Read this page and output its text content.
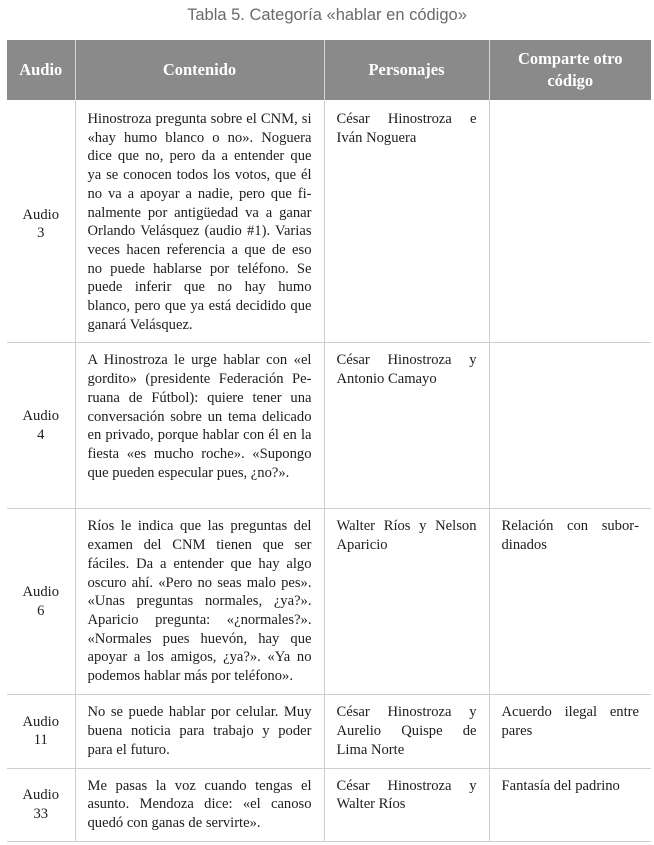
Tabla 5. Categoría «hablar en código»
Audio	Contenido	Personajes	Comparte otro
código

Audio
3	Hinostroza pregunta sobre el CNM, si «hay humo blanco o no». Noguera dice que no, pero da a entender que ya se conocen todos los votos, que él no va a apoyar a nadie, pero que finalmente por antigüedad va a ganar Orlando Velásquez (audio #1). Varias veces hacen referencia a que de eso no puede hablarse por teléfono. Se puede inferir que no hay humo blanco, pero que ya está decidido que ganará Velásquez.	César Hinostroza e Iván Noguera	

Audio
4	A Hinostroza le urge hablar con «el gordito» (presidente Federación Peruana de Fútbol): quiere tener una conversación sobre un tema delicado en privado, porque hablar con él en la fiesta «es mucho roche». «Supongo que pueden especular pues, ¿no?».	César Hinostroza y Antonio Camayo	

Audio
6	Ríos le indica que las preguntas del examen del CNM tienen que ser fáciles. Da a entender que hay algo oscuro ahí. «Pero no seas malo pes». «Unas preguntas normales, ¿ya?». Aparicio pregunta: «¿normales?». «Normales pues huevón, hay que apoyar a los amigos, ¿ya?». «Ya no podemos hablar más por teléfono».	Walter Ríos y Nelson Aparicio	Relación con subordinados

Audio
11	No se puede hablar por celular. Muy buena noticia para trabajo y poder para el futuro.	César Hinostroza y Aurelio Quispe de Lima Norte	Acuerdo ilegal entre pares

Audio
33	Me pasas la voz cuando tengas el asunto. Mendoza dice: «el canoso quedó con ganas de servirte».	César Hinostroza y Walter Ríos	Fantasía del padrino
